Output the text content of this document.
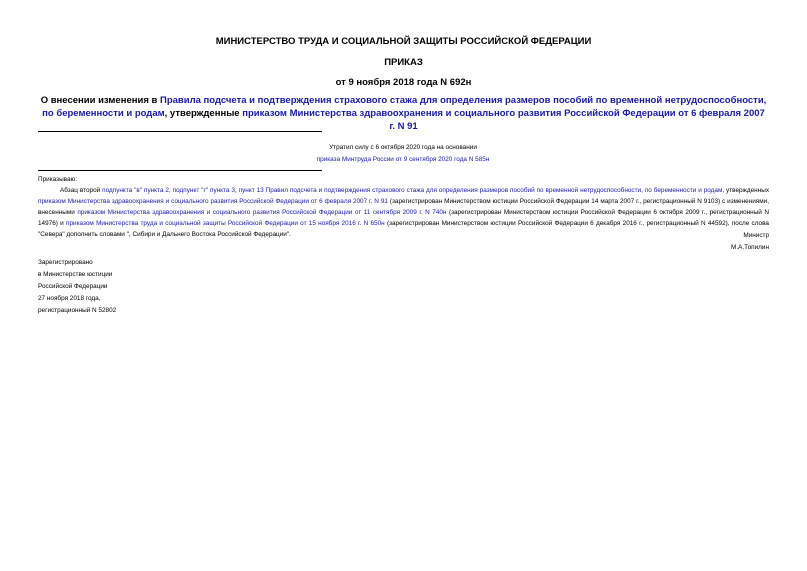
МИНИСТЕРСТВО ТРУДА И СОЦИАЛЬНОЙ ЗАЩИТЫ РОССИЙСКОЙ ФЕДЕРАЦИИ
ПРИКАЗ
от 9 ноября 2018 года N 692н
О внесении изменения в Правила подсчета и подтверждения страхового стажа для определения размеров пособий по временной нетрудоспособности, по беременности и родам, утвержденные приказом Министерства здравоохранения и социального развития Российской Федерации от 6 февраля 2007 г. N 91
Утратил силу с 6 октября 2020 года на основании
приказа Минтруда России от 9 сентября 2020 года N 585н
Приказываю:

Абзац второй подпункта "в" пункта 2, подпункт "г" пункта 3, пункт 13 Правил подсчета и подтверждения страхового стажа для определения размеров пособий по временной нетрудоспособности, по беременности и родам, утвержденных приказом Министерства здравоохранения и социального развития Российской Федерации от 6 февраля 2007 г. N 91 (зарегистрирован Министерством юстиции Российской Федерации 14 марта 2007 г., регистрационный N 9103) с изменениями, внесенными приказом Министерства здравоохранения и социального развития Российской Федерации от 11 сентября 2009 г. N 740н (зарегистрирован Министерством юстиции Российской Федерации 6 октября 2009 г., регистрационный N 14976) и приказом Министерства труда и социальной защиты Российской Федерации от 15 ноября 2016 г. N 650н (зарегистрирован Министерством юстиции Российской Федерации 6 декабря 2016 г., регистрационный N 44592), после слова "Севера" дополнить словами ", Сибири и Дальнего Востока Российской Федерации".	Министр
М.А.Топилин
Зарегистрировано
в Министерстве юстиции
Российской Федерации
27 ноября 2018 года,
регистрационный N 52802
